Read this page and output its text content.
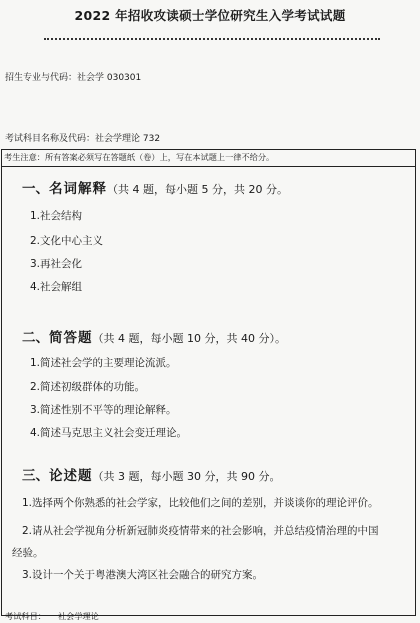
2022 年招收攻读硕士学位研究生入学考试试题
招生专业与代码：社会学 030301
考试科目名称及代码：社会学理论 732
考生注意：所有答案必须写在答题纸（卷）上，写在本试题上一律不给分。
一、名词解释（共 4 题，每小题 5 分，共 20 分。
1.社会结构
2.文化中心主义
3.再社会化
4.社会解组
二、简答题（共 4 题，每小题 10 分，共 40 分）。
1.简述社会学的主要理论流派。
2.简述初级群体的功能。
3.简述性别不平等的理论解释。
4.简述马克思主义社会变迁理论。
三、论述题（共 3 题，每小题 30 分，共 90 分。
1.选择两个你熟悉的社会学家，比较他们之间的差别，并谈谈你的理论评价。
2.请从社会学视角分析新冠肺炎疫情带来的社会影响，并总结疫情治理的中国
经验。
3.设计一个关于粤港澳大湾区社会融合的研究方案。
考试科目： 社会学理论
